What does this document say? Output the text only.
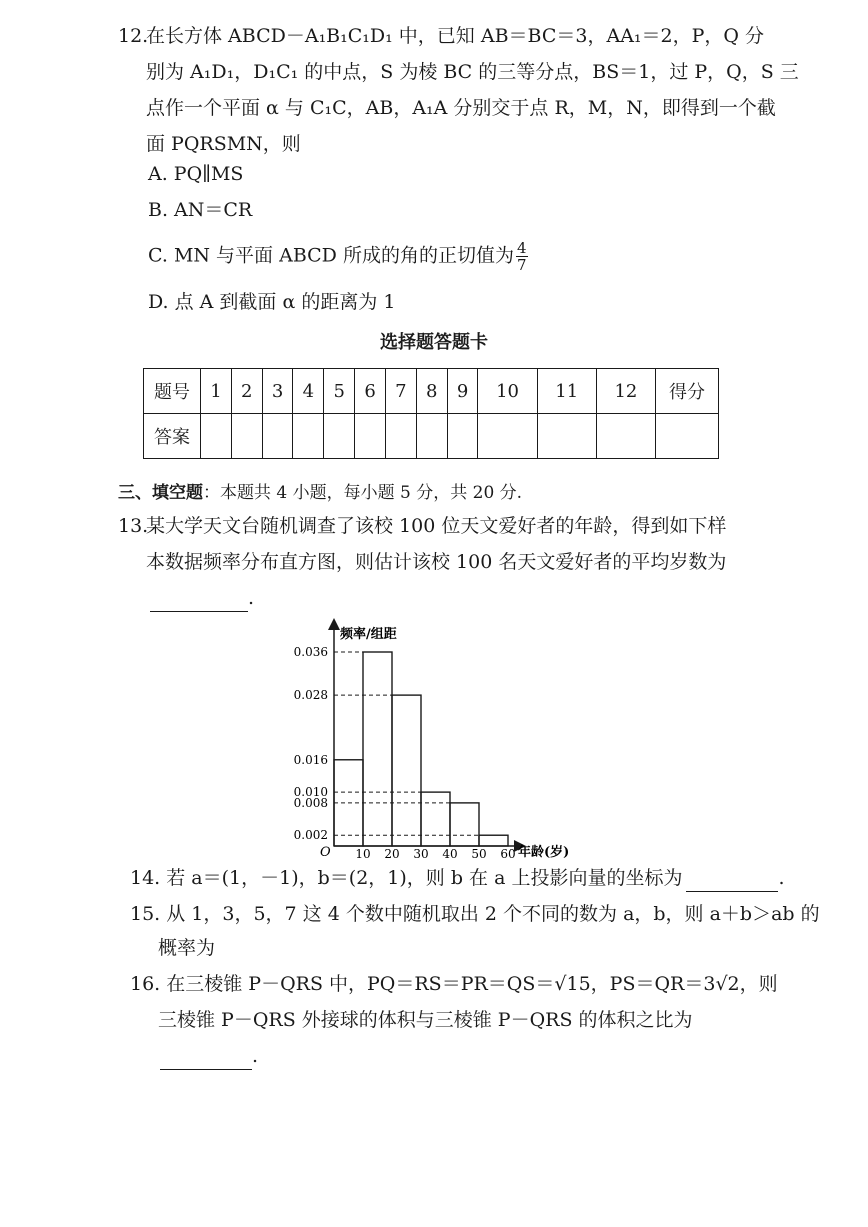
12.
在长方体 ABCD－A₁B₁C₁D₁ 中，已知 AB＝BC＝3，AA₁＝2，P，Q 分
别为 A₁D₁，D₁C₁ 的中点，S 为棱 BC 的三等分点，BS＝1，过 P，Q，S 三
点作一个平面 α 与 C₁C，AB，A₁A 分别交于点 R，M，N，即得到一个截
面 PQRSMN，则
A. PQ∥MS
B. AN＝CR
C. MN 与平面 ABCD 所成的角的正切值为 $\frac{4}{7}$
D. 点 A 到截面 α 的距离为 1
选择题答题卡
题号	1	2	3	4	5	6	7	8	9	10	11	12	得分
答案													
三、填空题：本题共 4 小题，每小题 5 分，共 20 分.
13.
某大学天文台随机调查了该校 100 位天文爱好者的年龄，得到如下样
本数据频率分布直方图，则估计该校 100 名天文爱好者的平均岁数为
.
频率/组距
年龄(岁)
O
0.036
0.028
0.016
0.010
0.008
0.002
10 20 30 40 50 60
14. 若 a＝(1，－1)，b＝(2，1)，则 b 在 a 上投影向量的坐标为	.
15. 从 1，3，5，7 这 4 个数中随机取出 2 个不同的数为 a，b，则 a＋b＞ab 的
概率为
16. 在三棱锥 P－QRS 中，PQ＝RS＝PR＝QS＝√15，PS＝QR＝3√2，则
三棱锥 P－QRS 外接球的体积与三棱锥 P－QRS 的体积之比为
.
